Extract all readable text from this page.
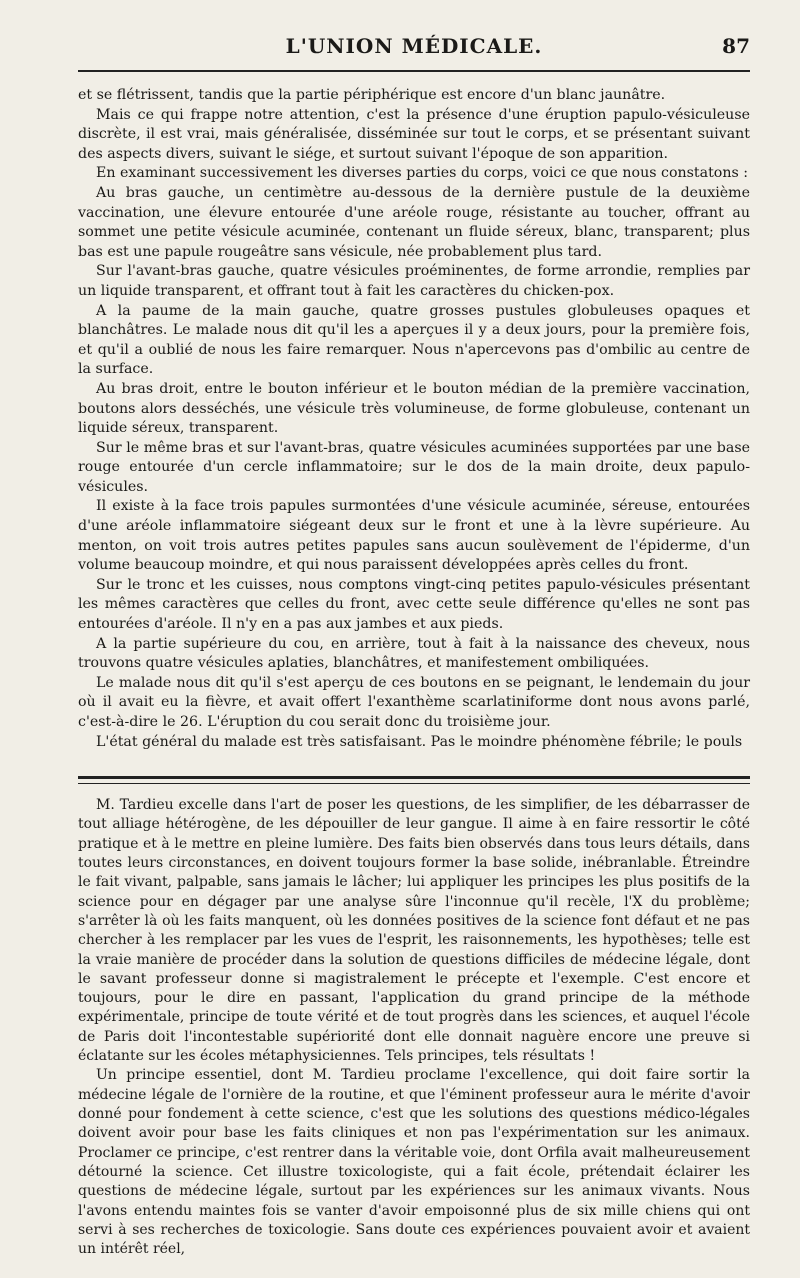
L'UNION MÉDICALE.	87

et se flétrissent, tandis que la partie périphérique est encore d'un blanc jaunâtre.

Mais ce qui frappe notre attention, c'est la présence d'une éruption papulo-vésiculeuse discrète, il est vrai, mais généralisée, disséminée sur tout le corps, et se présentant suivant des aspects divers, suivant le siége, et surtout suivant l'époque de son apparition.

En examinant successivement les diverses parties du corps, voici ce que nous constatons :

Au bras gauche, un centimètre au-dessous de la dernière pustule de la deuxième vaccination, une élevure entourée d'une aréole rouge, résistante au toucher, offrant au sommet une petite vésicule acuminée, contenant un fluide séreux, blanc, transparent; plus bas est une papule rougeâtre sans vésicule, née probablement plus tard.

Sur l'avant-bras gauche, quatre vésicules proéminentes, de forme arrondie, remplies par un liquide transparent, et offrant tout à fait les caractères du chicken-pox.

A la paume de la main gauche, quatre grosses pustules globuleuses opaques et blanchâtres. Le malade nous dit qu'il les a aperçues il y a deux jours, pour la première fois, et qu'il a oublié de nous les faire remarquer. Nous n'apercevons pas d'ombilic au centre de la surface.

Au bras droit, entre le bouton inférieur et le bouton médian de la première vaccination, boutons alors desséchés, une vésicule très volumineuse, de forme globuleuse, contenant un liquide séreux, transparent.

Sur le même bras et sur l'avant-bras, quatre vésicules acuminées supportées par une base rouge entourée d'un cercle inflammatoire; sur le dos de la main droite, deux papulo-vésicules.

Il existe à la face trois papules surmontées d'une vésicule acuminée, séreuse, entourées d'une aréole inflammatoire siégeant deux sur le front et une à la lèvre supérieure. Au menton, on voit trois autres petites papules sans aucun soulèvement de l'épiderme, d'un volume beaucoup moindre, et qui nous paraissent développées après celles du front.

Sur le tronc et les cuisses, nous comptons vingt-cinq petites papulo-vésicules présentant les mêmes caractères que celles du front, avec cette seule différence qu'elles ne sont pas entourées d'aréole. Il n'y en a pas aux jambes et aux pieds.

A la partie supérieure du cou, en arrière, tout à fait à la naissance des cheveux, nous trouvons quatre vésicules aplaties, blanchâtres, et manifestement ombiliquées.

Le malade nous dit qu'il s'est aperçu de ces boutons en se peignant, le lendemain du jour où il avait eu la fièvre, et avait offert l'exanthème scarlatiniforme dont nous avons parlé, c'est-à-dire le 26. L'éruption du cou serait donc du troisième jour.

L'état général du malade est très satisfaisant. Pas le moindre phénomène fébrile; le pouls

M. Tardieu excelle dans l'art de poser les questions, de les simplifier, de les débarrasser de tout alliage hétérogène, de les dépouiller de leur gangue. Il aime à en faire ressortir le côté pratique et à le mettre en pleine lumière. Des faits bien observés dans tous leurs détails, dans toutes leurs circonstances, en doivent toujours former la base solide, inébranlable. Étreindre le fait vivant, palpable, sans jamais le lâcher; lui appliquer les principes les plus positifs de la science pour en dégager par une analyse sûre l'inconnue qu'il recèle, l'X du problème; s'arrêter là où les faits manquent, où les données positives de la science font défaut et ne pas chercher à les remplacer par les vues de l'esprit, les raisonnements, les hypothèses; telle est la vraie manière de procéder dans la solution de questions difficiles de médecine légale, dont le savant professeur donne si magistralement le précepte et l'exemple. C'est encore et toujours, pour le dire en passant, l'application du grand principe de la méthode expérimentale, principe de toute vérité et de tout progrès dans les sciences, et auquel l'école de Paris doit l'incontestable supériorité dont elle donnait naguère encore une preuve si éclatante sur les écoles métaphysiciennes. Tels principes, tels résultats !

Un principe essentiel, dont M. Tardieu proclame l'excellence, qui doit faire sortir la médecine légale de l'ornière de la routine, et que l'éminent professeur aura le mérite d'avoir donné pour fondement à cette science, c'est que les solutions des questions médico-légales doivent avoir pour base les faits cliniques et non pas l'expérimentation sur les animaux. Proclamer ce principe, c'est rentrer dans la véritable voie, dont Orfila avait malheureusement détourné la science. Cet illustre toxicologiste, qui a fait école, prétendait éclairer les questions de médecine légale, surtout par les expériences sur les animaux vivants. Nous l'avons entendu maintes fois se vanter d'avoir empoisonné plus de six mille chiens qui ont servi à ses recherches de toxicologie. Sans doute ces expériences pouvaient avoir et avaient un intérêt réel,
